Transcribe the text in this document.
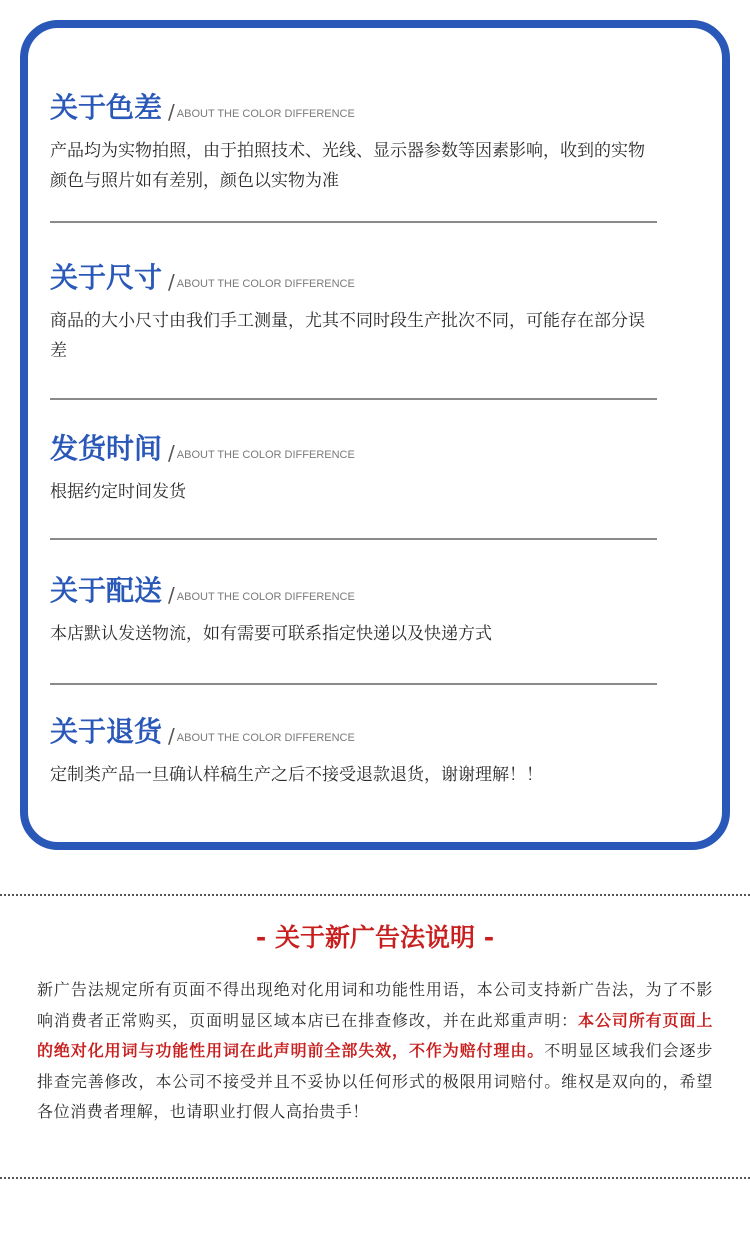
关于色差 / ABOUT THE COLOR DIFFERENCE
产品均为实物拍照，由于拍照技术、光线、显示器参数等因素影响，收到的实物颜色与照片如有差别，颜色以实物为准
关于尺寸 / ABOUT THE COLOR DIFFERENCE
商品的大小尺寸由我们手工测量，尤其不同时段生产批次不同，可能存在部分误差
发货时间 / ABOUT THE COLOR DIFFERENCE
根据约定时间发货
关于配送 / ABOUT THE COLOR DIFFERENCE
本店默认发送物流，如有需要可联系指定快递以及快递方式
关于退货 / ABOUT THE COLOR DIFFERENCE
定制类产品一旦确认样稿生产之后不接受退款退货，谢谢理解！！
- 关于新广告法说明 -
新广告法规定所有页面不得出现绝对化用词和功能性用语，本公司支持新广告法，为了不影响消费者正常购买，页面明显区域本店已在排查修改，并在此郑重声明：本公司所有页面上的绝对化用词与功能性用词在此声明前全部失效，不作为赔付理由。不明显区域我们会逐步排查完善修改，本公司不接受并且不妥协以任何形式的极限用词赔付。维权是双向的，希望各位消费者理解，也请职业打假人高抬贵手！
